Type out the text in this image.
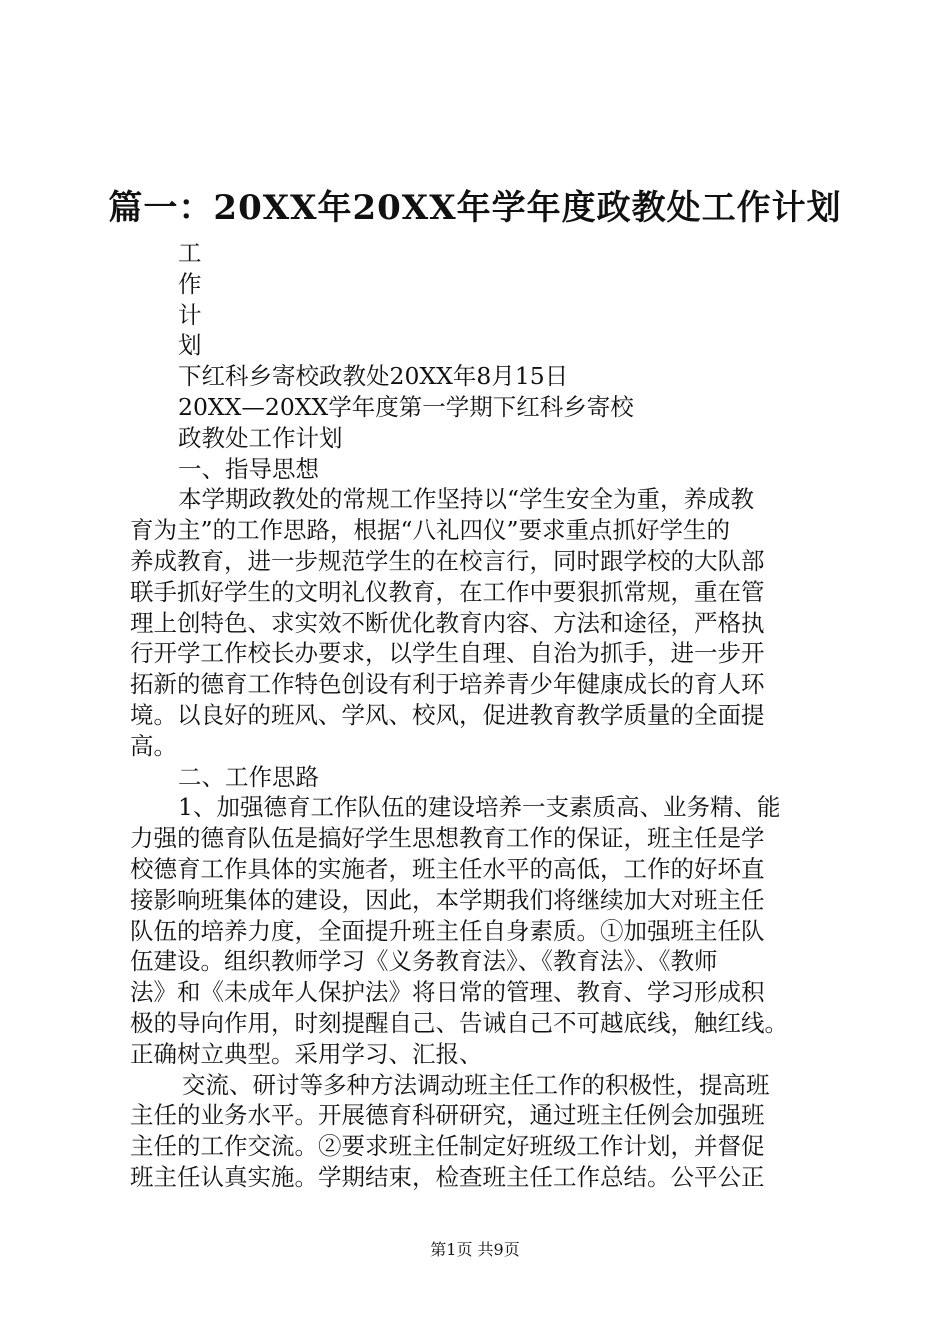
篇一：20XX年20XX年学年度政教处工作计划
工
作
计
划
下红科乡寄校政教处20XX年8月15日
20XX—20XX学年度第一学期下红科乡寄校
政教处工作计划
一、指导思想
本学期政教处的常规工作坚持以“学生安全为重，养成教
育为主”的工作思路，根据“八礼四仪”要求重点抓好学生的
养成教育，进一步规范学生的在校言行，同时跟学校的大队部
联手抓好学生的文明礼仪教育，在工作中要狠抓常规，重在管
理上创特色、求实效不断优化教育内容、方法和途径，严格执
行开学工作校长办要求，以学生自理、自治为抓手，进一步开
拓新的德育工作特色创设有利于培养青少年健康成长的育人环
境。以良好的班风、学风、校风，促进教育教学质量的全面提
高。
二、工作思路
1、加强德育工作队伍的建设培养一支素质高、业务精、能
力强的德育队伍是搞好学生思想教育工作的保证，班主任是学
校德育工作具体的实施者，班主任水平的高低，工作的好坏直
接影响班集体的建设，因此，本学期我们将继续加大对班主任
队伍的培养力度，全面提升班主任自身素质。①加强班主任队
伍建设。组织教师学习《义务教育法》、《教育法》、《教师
法》和《未成年人保护法》将日常的管理、教育、学习形成积
极的导向作用，时刻提醒自己、告诫自己不可越底线，触红线。
正确树立典型。采用学习、汇报、
交流、研讨等多种方法调动班主任工作的积极性，提高班
主任的业务水平。开展德育科研研究，通过班主任例会加强班
主任的工作交流。②要求班主任制定好班级工作计划，并督促
班主任认真实施。学期结束，检查班主任工作总结。公平公正
第1页 共9页
